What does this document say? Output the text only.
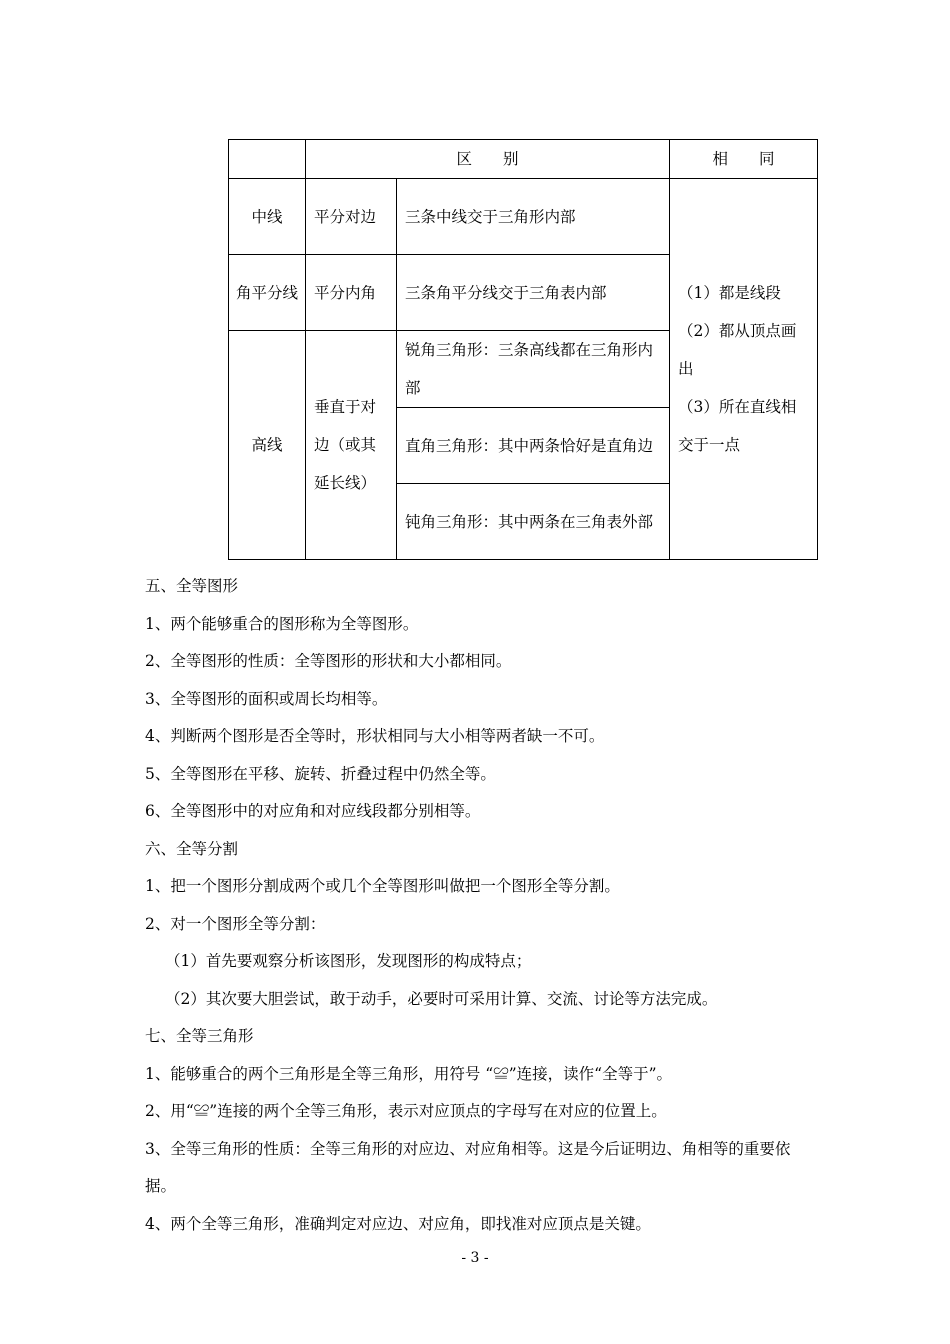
	区　　别		相　　同
中线	平分对边	三条中线交于三角形内部	（1）都是线段
（2）都从顶点画出
（3）所在直线相交于一点

角平分线	平分内角	三条角平分线交于三角表内部	
高线	垂直于对边（或其延长线）	锐角三角形：三条高线都在三角形内部	
		直角三角形：其中两条恰好是直角边	
		钝角三角形：其中两条在三角表外部	
五、全等图形
1、两个能够重合的图形称为全等图形。
2、全等图形的性质：全等图形的形状和大小都相同。
3、全等图形的面积或周长均相等。
4、判断两个图形是否全等时，形状相同与大小相等两者缺一不可。
5、全等图形在平移、旋转、折叠过程中仍然全等。
6、全等图形中的对应角和对应线段都分别相等。
六、全等分割
1、把一个图形分割成两个或几个全等图形叫做把一个图形全等分割。
2、对一个图形全等分割：
（1）首先要观察分析该图形，发现图形的构成特点；
（2）其次要大胆尝试，敢于动手，必要时可采用计算、交流、讨论等方法完成。
七、全等三角形
1、能够重合的两个三角形是全等三角形，用符号 “≌”连接，读作“全等于”。
2、用“≌”连接的两个全等三角形，表示对应顶点的字母写在对应的位置上。
3、全等三角形的性质：全等三角形的对应边、对应角相等。这是今后证明边、角相等的重要依据。
4、两个全等三角形，准确判定对应边、对应角，即找准对应顶点是关键。
- 3 -
